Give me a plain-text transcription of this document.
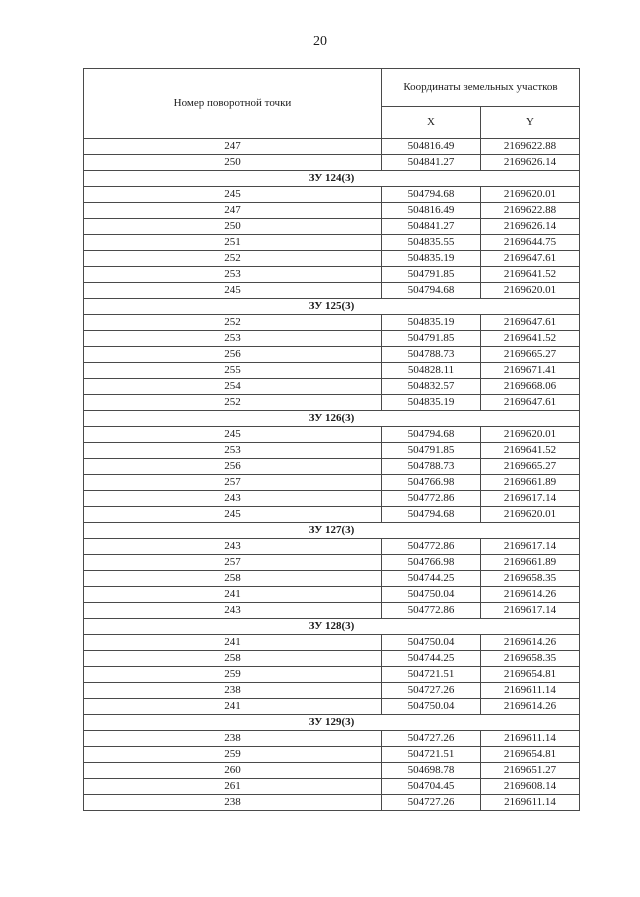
20
Номер поворотной точки	Координаты земельных участков	
	X	Y
247	504816.49	2169622.88
250	504841.27	2169626.14
ЗУ 124(3)		
245	504794.68	2169620.01
247	504816.49	2169622.88
250	504841.27	2169626.14
251	504835.55	2169644.75
252	504835.19	2169647.61
253	504791.85	2169641.52
245	504794.68	2169620.01
ЗУ 125(3)		
252	504835.19	2169647.61
253	504791.85	2169641.52
256	504788.73	2169665.27
255	504828.11	2169671.41
254	504832.57	2169668.06
252	504835.19	2169647.61
ЗУ 126(3)		
245	504794.68	2169620.01
253	504791.85	2169641.52
256	504788.73	2169665.27
257	504766.98	2169661.89
243	504772.86	2169617.14
245	504794.68	2169620.01
ЗУ 127(3)		
243	504772.86	2169617.14
257	504766.98	2169661.89
258	504744.25	2169658.35
241	504750.04	2169614.26
243	504772.86	2169617.14
ЗУ 128(3)		
241	504750.04	2169614.26
258	504744.25	2169658.35
259	504721.51	2169654.81
238	504727.26	2169611.14
241	504750.04	2169614.26
ЗУ 129(3)		
238	504727.26	2169611.14
259	504721.51	2169654.81
260	504698.78	2169651.27
261	504704.45	2169608.14
238	504727.26	2169611.14
